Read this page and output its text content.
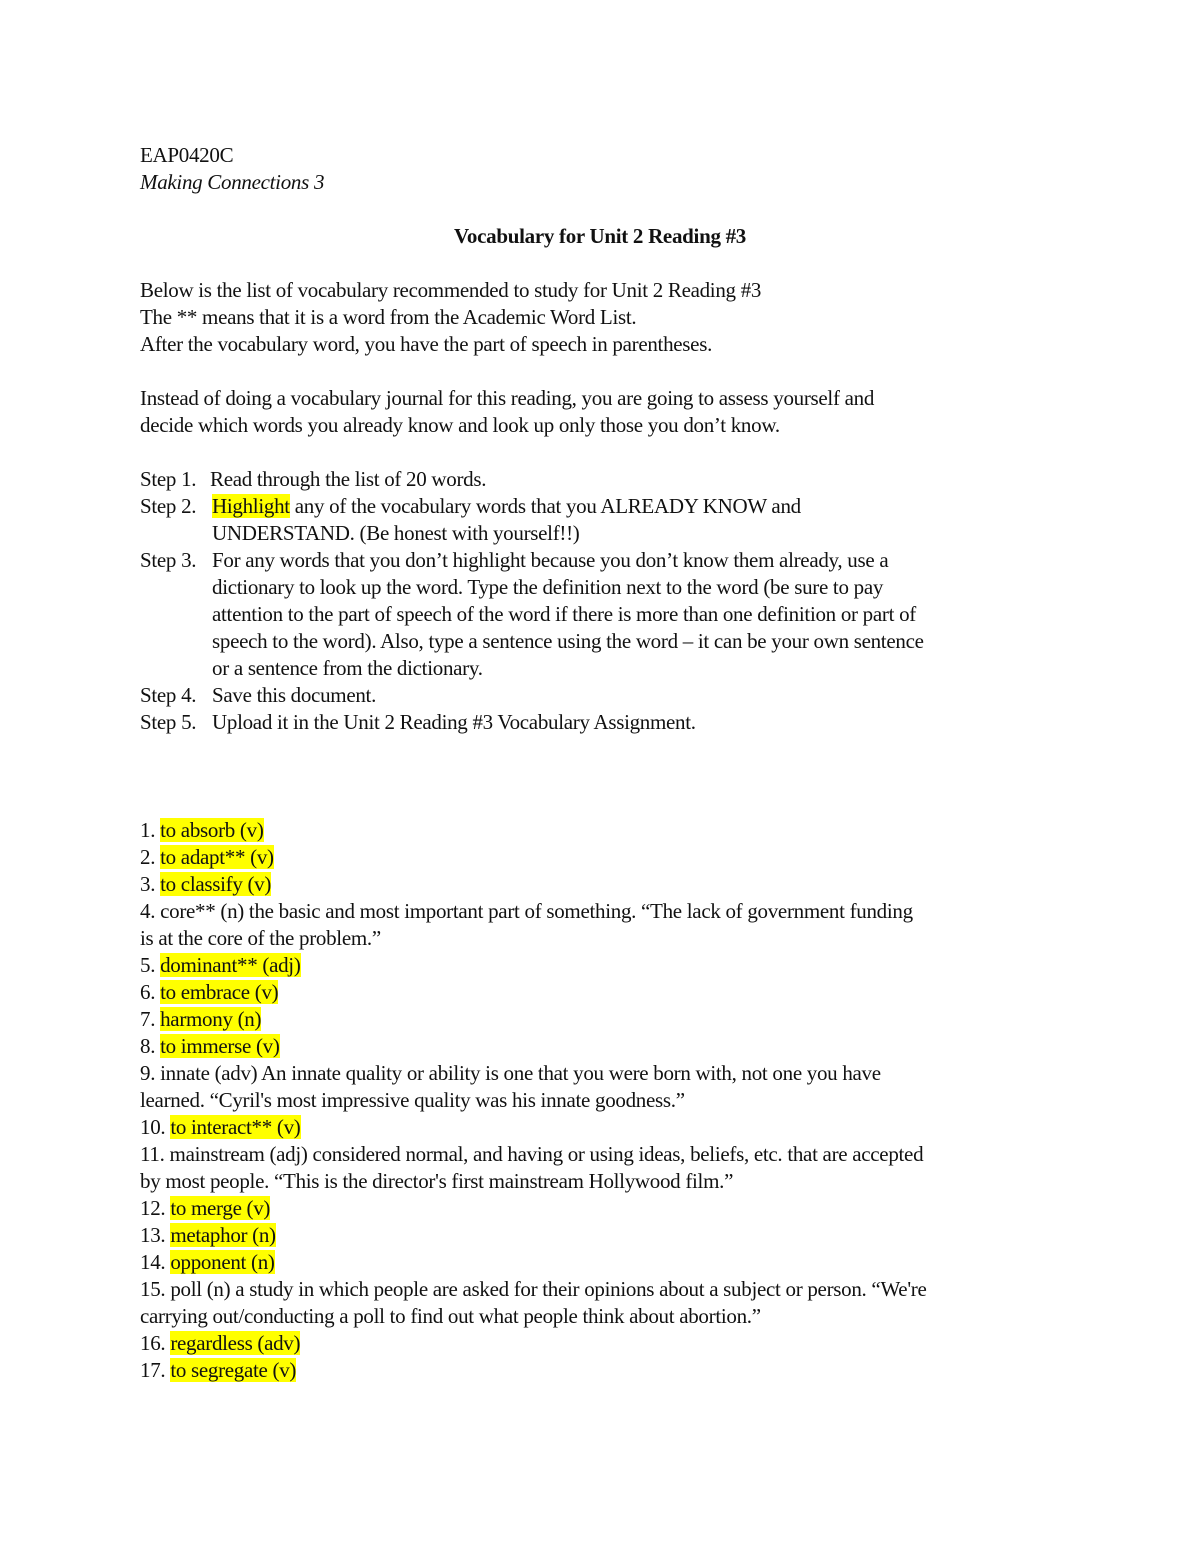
EAP0420C
Making Connections 3
Vocabulary for Unit 2 Reading #3
Below is the list of vocabulary recommended to study for Unit 2 Reading #3
The ** means that it is a word from the Academic Word List.
After the vocabulary word, you have the part of speech in parentheses.
Instead of doing a vocabulary journal for this reading, you are going to assess yourself and
decide which words you already know and look up only those you don’t know.
Step 1. Read through the list of 20 words.
Step 2. Highlight any of the vocabulary words that you ALREADY KNOW and
UNDERSTAND. (Be honest with yourself!!)
Step 3. For any words that you don’t highlight because you don’t know them already, use a
dictionary to look up the word. Type the definition next to the word (be sure to pay
attention to the part of speech of the word if there is more than one definition or part of
speech to the word). Also, type a sentence using the word – it can be your own sentence
or a sentence from the dictionary.
Step 4. Save this document.
Step 5. Upload it in the Unit 2 Reading #3 Vocabulary Assignment.
1. to absorb (v)
2. to adapt** (v)
3. to classify (v)
4. core** (n) the basic and most important part of something. “The lack of government funding
is at the core of the problem.”
5. dominant** (adj)
6. to embrace (v)
7. harmony (n)
8. to immerse (v)
9. innate (adv) An innate quality or ability is one that you were born with, not one you have
learned. “Cyril's most impressive quality was his innate goodness.”
10. to interact** (v)
11. mainstream (adj) considered normal, and having or using ideas, beliefs, etc. that are accepted
by most people. “This is the director's first mainstream Hollywood film.”
12. to merge (v)
13. metaphor (n)
14. opponent (n)
15. poll (n) a study in which people are asked for their opinions about a subject or person. “We're
carrying out/conducting a poll to find out what people think about abortion.”
16. regardless (adv)
17. to segregate (v)
